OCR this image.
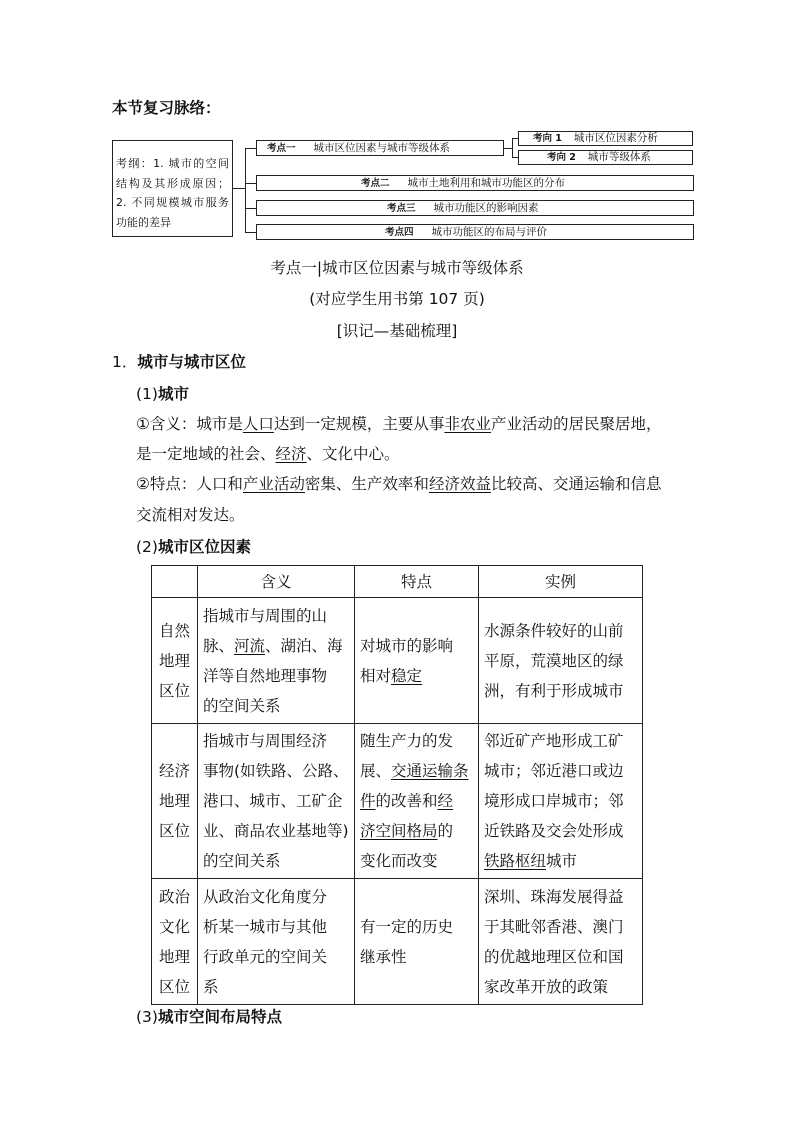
本节复习脉络：
考纲：1. 城市的空间
结构及其形成原因；
2. 不同规模城市服务
功能的差异
考点一 城市区位因素与城市等级体系
考点二 城市土地利用和城市功能区的分布
考点三 城市功能区的影响因素
考点四 城市功能区的布局与评价
考向 1 城市区位因素分析
考向 2 城市等级体系
考点一|城市区位因素与城市等级体系
(对应学生用书第 107 页)
[识记—基础梳理]
1．城市与城市区位
(1)城市
①含义：城市是人口达到一定规模，主要从事非农业产业活动的居民聚居地，
是一定地域的社会、经济、文化中心。
②特点：人口和产业活动密集、生产效率和经济效益比较高、交通运输和信息
交流相对发达。
(2)城市区位因素
	含义	特点	实例
自然
地理
区位	指城市与周围的山
脉、河流、湖泊、海
洋等自然地理事物
的空间关系	对城市的影响
相对稳定	水源条件较好的山前
平原，荒漠地区的绿
洲，有利于形成城市
经济
地理
区位	指城市与周围经济
事物(如铁路、公路、
港口、城市、工矿企
业、商品农业基地等)
的空间关系	随生产力的发
展、交通运输条
件的改善和经
济空间格局的
变化而改变	邻近矿产地形成工矿
城市；邻近港口或边
境形成口岸城市；邻
近铁路及交会处形成
铁路枢纽城市
政治
文化
地理
区位	从政治文化角度分
析某一城市与其他
行政单元的空间关
系	有一定的历史
继承性	深圳、珠海发展得益
于其毗邻香港、澳门
的优越地理区位和国
家改革开放的政策
(3)城市空间布局特点
